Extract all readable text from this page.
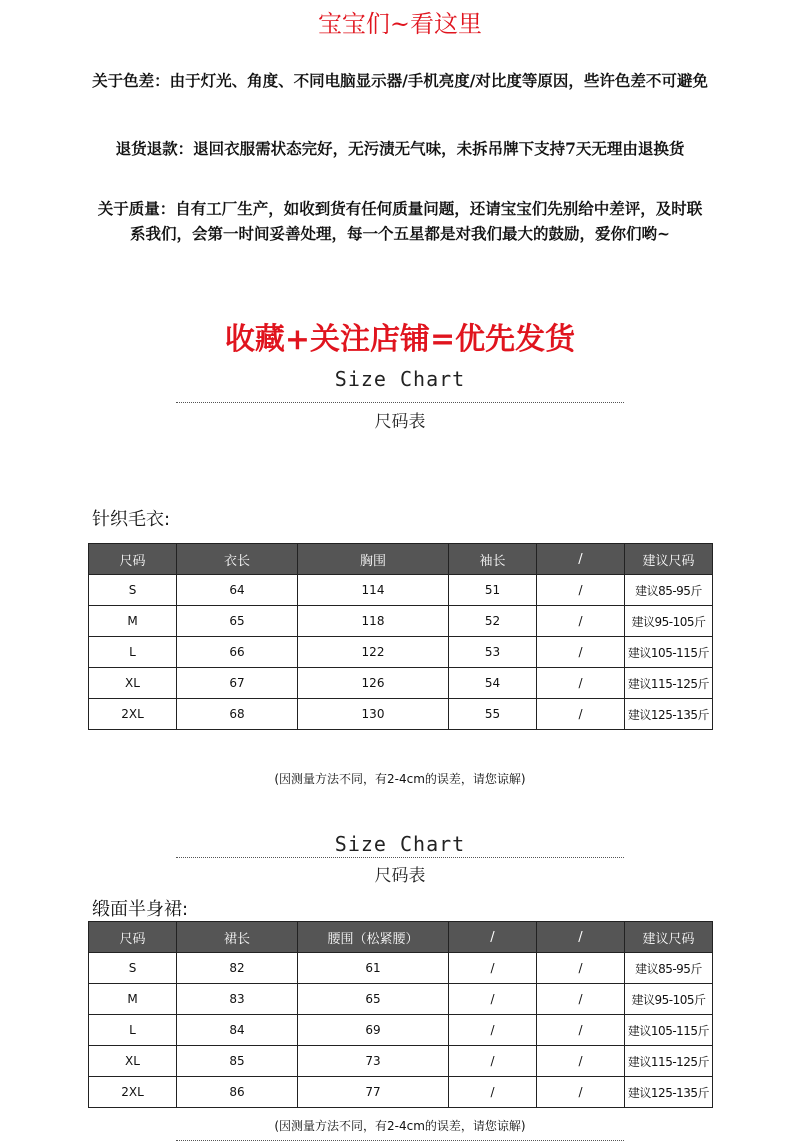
宝宝们~看这里
关于色差：由于灯光、角度、不同电脑显示器/手机亮度/对比度等原因，些许色差不可避免
退货退款：退回衣服需状态完好，无污渍无气味，未拆吊牌下支持7天无理由退换货
关于质量：自有工厂生产，如收到货有任何质量问题，还请宝宝们先别给中差评，及时联
系我们，会第一时间妥善处理，每一个五星都是对我们最大的鼓励，爱你们哟~
收藏+关注店铺=优先发货
Size Chart
尺码表
针织毛衣:
尺码	衣长	胸围	袖长	/	建议尺码
S	64	114	51	/	建议85-95斤
M	65	118	52	/	建议95-105斤
L	66	122	53	/	建议105-115斤
XL	67	126	54	/	建议115-125斤
2XL	68	130	55	/	建议125-135斤
(因测量方法不同，有2-4cm的误差，请您谅解)
Size Chart
尺码表
缎面半身裙:
尺码	裙长	腰围（松紧腰）	/	/	建议尺码
S	82	61	/	/	建议85-95斤
M	83	65	/	/	建议95-105斤
L	84	69	/	/	建议105-115斤
XL	85	73	/	/	建议115-125斤
2XL	86	77	/	/	建议125-135斤
(因测量方法不同，有2-4cm的误差，请您谅解)
